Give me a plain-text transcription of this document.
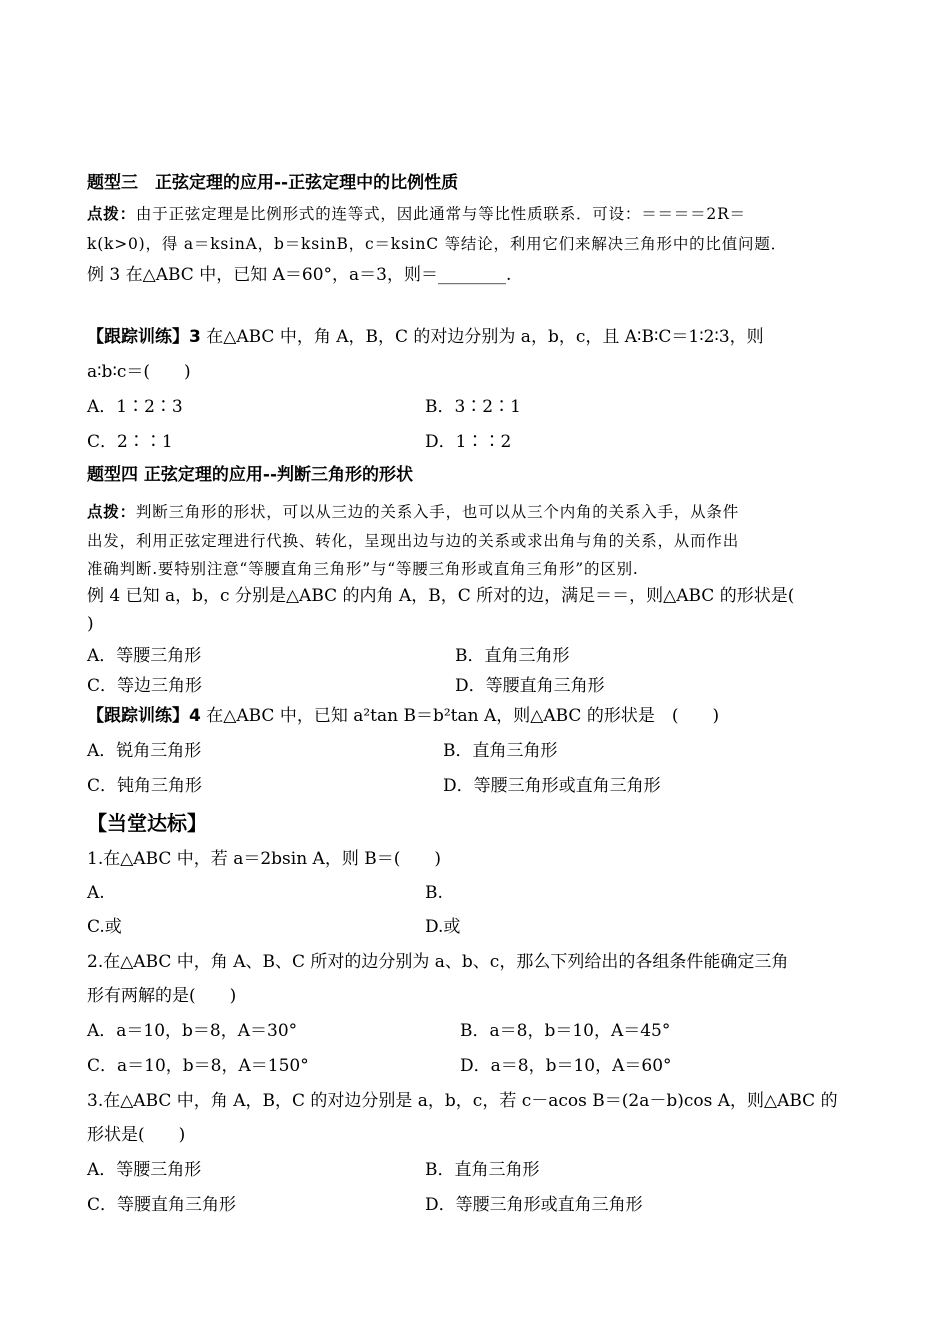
题型三　正弦定理的应用--正弦定理中的比例性质
点拨：由于正弦定理是比例形式的连等式，因此通常与等比性质联系．可设：＝＝＝＝2R＝
k(k>0)，得 a＝ksinA，b＝ksinB，c＝ksinC 等结论，利用它们来解决三角形中的比值问题．
例 3 在△ABC 中，已知 A＝60°，a＝3，则＝________.
【跟踪训练】3 在△ABC 中，角 A，B，C 的对边分别为 a，b，c，且 A∶B∶C＝1∶2∶3，则
a∶b∶c＝(　　)
A．1∶2∶3	B．3∶2∶1
C．2∶∶1	D．1∶∶2
题型四 正弦定理的应用--判断三角形的形状
点拨：判断三角形的形状，可以从三边的关系入手，也可以从三个内角的关系入手，从条件
出发，利用正弦定理进行代换、转化，呈现出边与边的关系或求出角与角的关系，从而作出
准确判断.要特别注意“等腰直角三角形”与“等腰三角形或直角三角形”的区别.
例 4 已知 a，b，c 分别是△ABC 的内角 A，B，C 所对的边，满足＝＝，则△ABC 的形状是(
)
A．等腰三角形	B．直角三角形
C．等边三角形	D．等腰直角三角形
【跟踪训练】4 在△ABC 中，已知 a²tan B＝b²tan A，则△ABC 的形状是　(　　)
A．锐角三角形	B．直角三角形
C．钝角三角形	D．等腰三角形或直角三角形
【当堂达标】
1.在△ABC 中，若 a＝2bsin A，则 B＝(　　)
A.	B.
C.或	D.或
2.在△ABC 中，角 A、B、C 所对的边分别为 a、b、c，那么下列给出的各组条件能确定三角
形有两解的是(　　)
A．a＝10，b＝8，A＝30°	B．a＝8，b＝10，A＝45°
C．a＝10，b＝8，A＝150°	D．a＝8，b＝10，A＝60°
3.在△ABC 中，角 A，B，C 的对边分别是 a，b，c，若 c－acos B＝(2a－b)cos A，则△ABC 的
形状是(　　)
A．等腰三角形	B．直角三角形
C．等腰直角三角形	D．等腰三角形或直角三角形
